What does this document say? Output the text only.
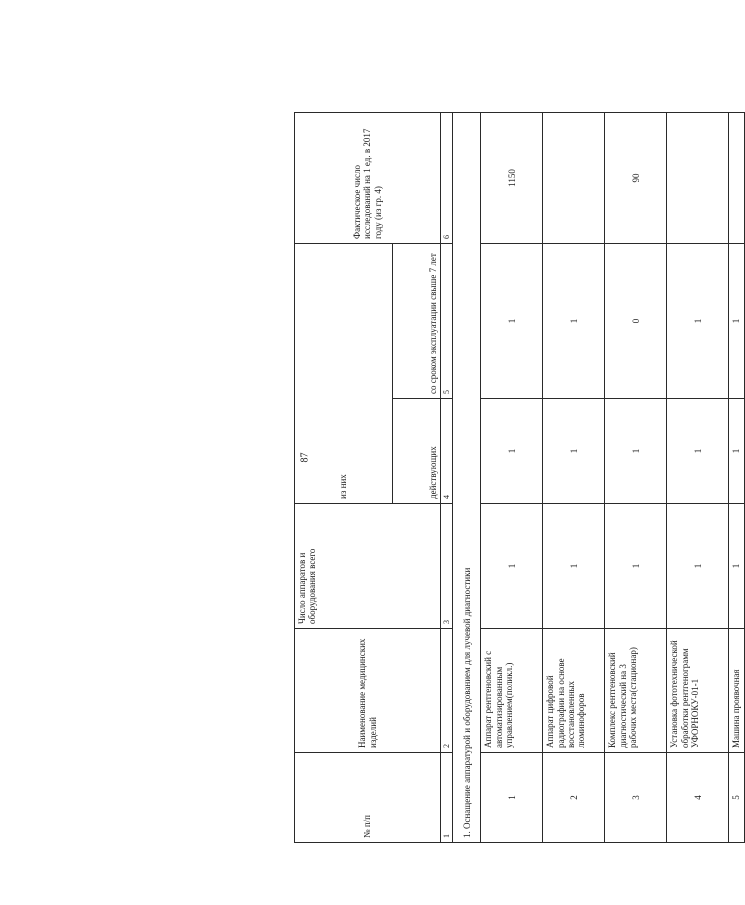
87
№ п/п	Наименование медицинских изделий	Число аппаратов и оборудования всего	из них		Фактическое число исследований на 1 ед. в 2017 году (из гр. 4)
			действующих	со сроком эксплуатации свыше 7 лет	
1	2	3	4	5	6
1. Оснащение аппаратурой и оборудованием для лучевой диагностики					
1	Аппарат рентгеновский с автоматизированным управлением(поликл.)	1	1	1	1150
2	Аппарат цифровой радиографии на основе восстановленных люминофоров	1	1	1	
3	Комплекс рентгеновский диагностический на 3 рабочих места(стационар)	1	1	0	90
4	Установка фототехнической обработки рентгенограмм УФОРНОКУ-01-1	1	1	1	
5	Машина проявочная	1	1	1	
